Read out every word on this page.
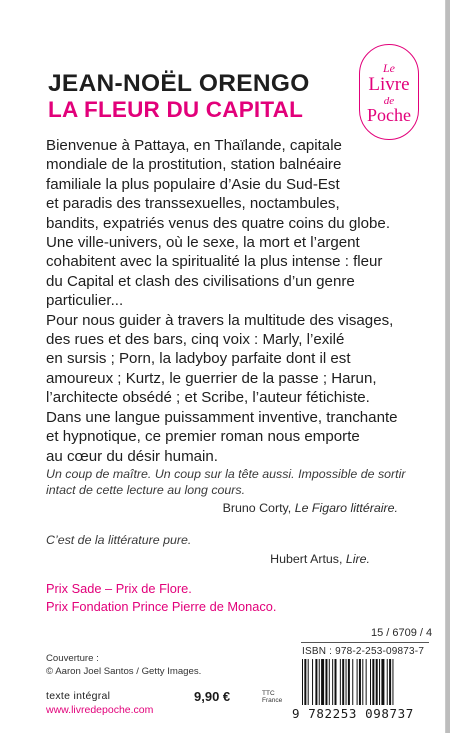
JEAN-NOËL ORENGO
LA FLEUR DU CAPITAL
Le
Livre
de
Poche

Bienvenue à Pattaya, en Thaïlande, capitale

mondiale de la prostitution, station balnéaire

familiale la plus populaire d’Asie du Sud-Est

et paradis des transsexuelles, noctambules,

bandits, expatriés venus des quatre coins du globe.

Une ville-univers, où le sexe, la mort et l’argent

cohabitent avec la spiritualité la plus intense : fleur

du Capital et clash des civilisations d’un genre

particulier...

Pour nous guider à travers la multitude des visages,

des rues et des bars, cinq voix : Marly, l’exilé

en sursis ; Porn, la ladyboy parfaite dont il est

amoureux ; Kurtz, le guerrier de la passe ; Harun,

l’architecte obsédé ; et Scribe, l’auteur fétichiste.

Dans une langue puissamment inventive, tranchante

et hypnotique, ce premier roman nous emporte

au cœur du désir humain.

Un coup de maître. Un coup sur la tête aussi. Impossible de sortir intact de cette lecture au long cours.
Bruno Corty, Le Figaro littéraire.
C’est de la littérature pure.
Hubert Artus, Lire.
Prix Sade – Prix de Flore.
Prix Fondation Prince Pierre de Monaco.
15 / 6709 / 4
ISBN : 978-2-253-09873-7
Couverture :
© Aaron Joel Santos / Getty Images.
texte intégral
www.livredepoche.com
9,90 €	TTC
France
9 782253 098737
